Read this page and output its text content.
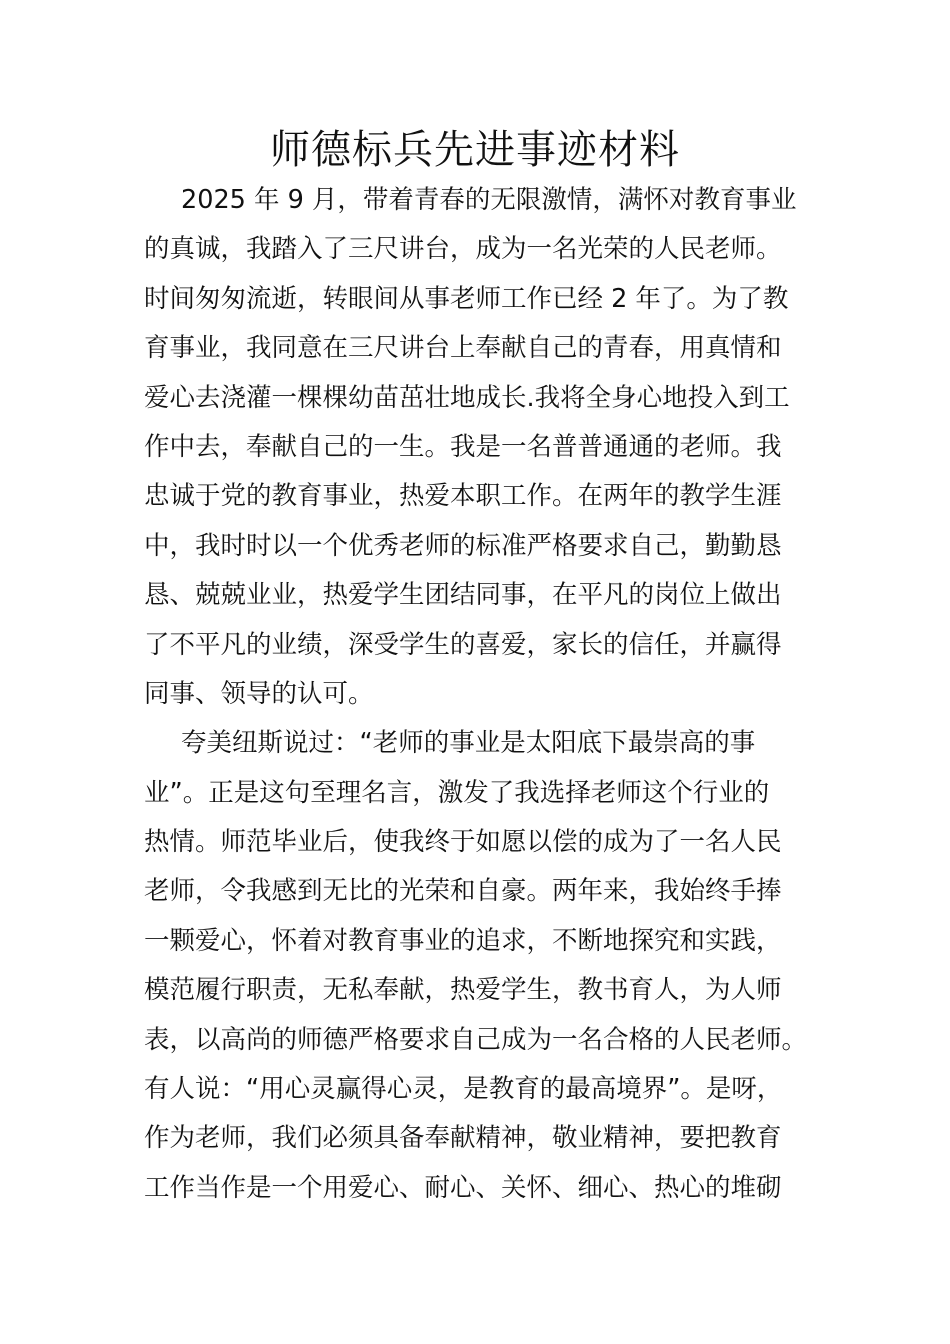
师德标兵先进事迹材料
2025 年 9 月，带着青春的无限激情，满怀对教育事业
的真诚，我踏入了三尺讲台，成为一名光荣的人民老师。
时间匆匆流逝，转眼间从事老师工作已经 2 年了。为了教
育事业，我同意在三尺讲台上奉献自己的青春，用真情和
爱心去浇灌一棵棵幼苗茁壮地成长.我将全身心地投入到工
作中去，奉献自己的一生。我是一名普普通通的老师。我
忠诚于党的教育事业，热爱本职工作。在两年的教学生涯
中，我时时以一个优秀老师的标准严格要求自己，勤勤恳
恳、兢兢业业，热爱学生团结同事，在平凡的岗位上做出
了不平凡的业绩，深受学生的喜爱，家长的信任，并赢得
同事、领导的认可。
夸美纽斯说过：“老师的事业是太阳底下最崇高的事
业”。正是这句至理名言，激发了我选择老师这个行业的
热情。师范毕业后，使我终于如愿以偿的成为了一名人民
老师，令我感到无比的光荣和自豪。两年来，我始终手捧
一颗爱心，怀着对教育事业的追求，不断地探究和实践，
模范履行职责，无私奉献，热爱学生，教书育人，为人师
表，以高尚的师德严格要求自己成为一名合格的人民老师。
有人说：“用心灵赢得心灵，是教育的最高境界”。是呀，
作为老师，我们必须具备奉献精神，敬业精神，要把教育
工作当作是一个用爱心、耐心、关怀、细心、热心的堆砌
